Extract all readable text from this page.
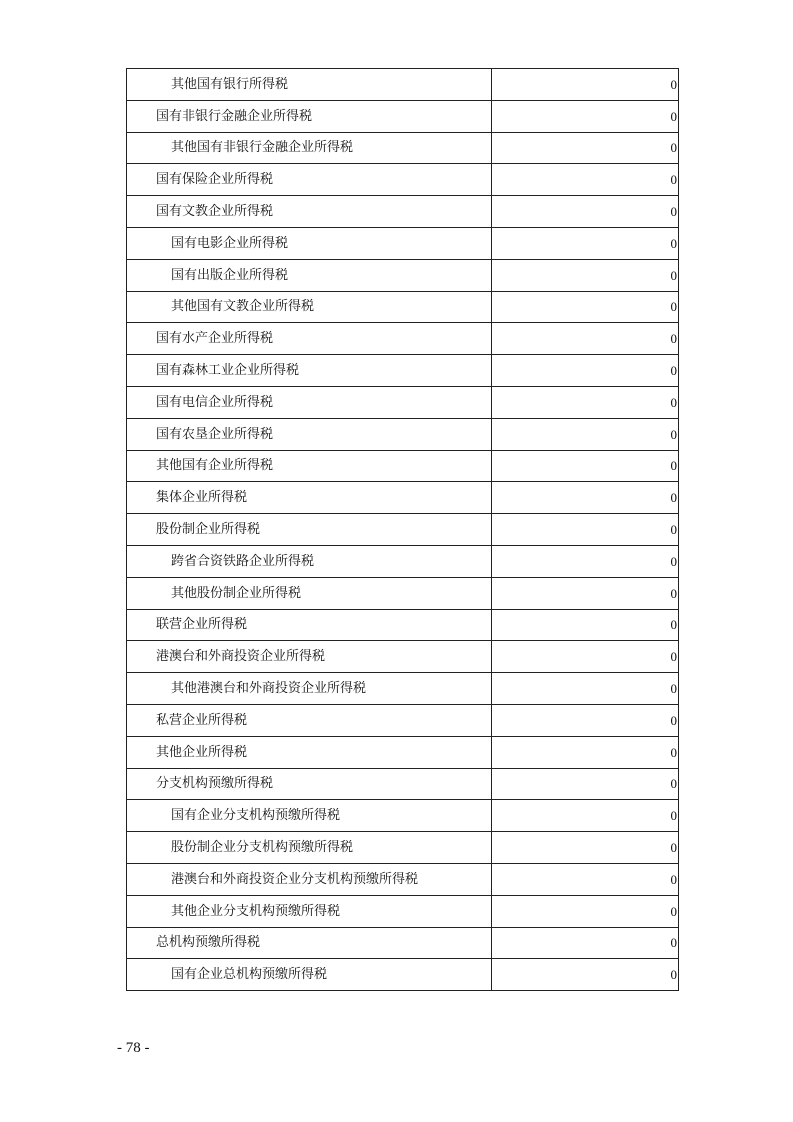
其他国有银行所得税	0
国有非银行金融企业所得税	0
其他国有非银行金融企业所得税	0
国有保险企业所得税	0
国有文教企业所得税	0
国有电影企业所得税	0
国有出版企业所得税	0
其他国有文教企业所得税	0
国有水产企业所得税	0
国有森林工业企业所得税	0
国有电信企业所得税	0
国有农垦企业所得税	0
其他国有企业所得税	0
集体企业所得税	0
股份制企业所得税	0
跨省合资铁路企业所得税	0
其他股份制企业所得税	0
联营企业所得税	0
港澳台和外商投资企业所得税	0
其他港澳台和外商投资企业所得税	0
私营企业所得税	0
其他企业所得税	0
分支机构预缴所得税	0
国有企业分支机构预缴所得税	0
股份制企业分支机构预缴所得税	0
港澳台和外商投资企业分支机构预缴所得税	0
其他企业分支机构预缴所得税	0
总机构预缴所得税	0
国有企业总机构预缴所得税	0
- 78 -
